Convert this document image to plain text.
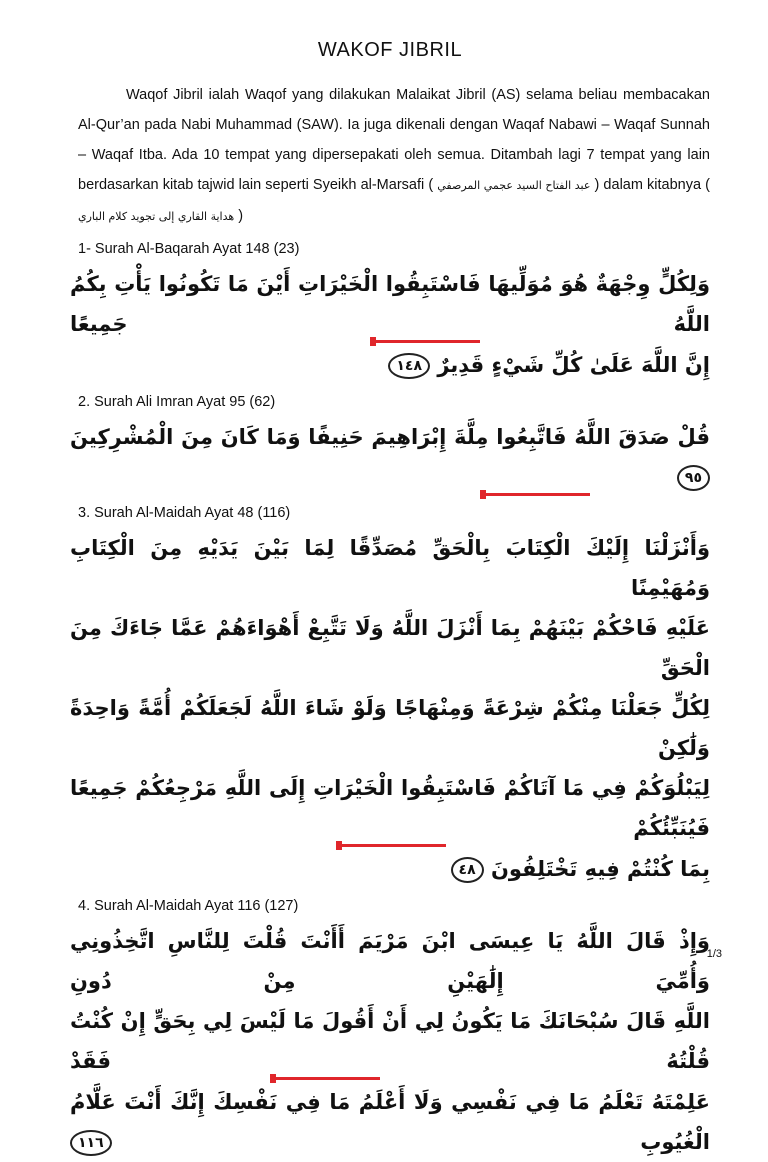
WAKOF JIBRIL
Waqof Jibril ialah Waqof yang dilakukan Malaikat Jibril (AS) selama beliau membacakan Al-Qur’an pada Nabi Muhammad (SAW). Ia juga dikenali dengan Waqaf Nabawi – Waqaf Sunnah – Waqaf Itba. Ada 10 tempat yang dipersepakati oleh semua. Ditambah lagi 7 tempat yang lain berdasarkan kitab tajwid lain seperti Syeikh al-Marsafi ( عبد الفتاح السيد عجمي المرصفي ) dalam kitabnya ( هداية القاري إلى تجويد كلام الباري )
1- Surah Al-Baqarah Ayat 148 (23)
وَلِكُلٍّ وِجْهَةٌ هُوَ مُوَلِّيهَا فَاسْتَبِقُوا الْخَيْرَاتِ أَيْنَ مَا تَكُونُوا يَأْتِ بِكُمُ اللَّهُ جَمِيعًا
إِنَّ اللَّهَ عَلَىٰ كُلِّ شَيْءٍ قَدِيرٌ ١٤٨
2. Surah Ali Imran Ayat 95 (62)
قُلْ صَدَقَ اللَّهُ فَاتَّبِعُوا مِلَّةَ إِبْرَاهِيمَ حَنِيفًا وَمَا كَانَ مِنَ الْمُشْرِكِينَ ٩٥
3. Surah Al-Maidah Ayat 48 (116)
وَأَنْزَلْنَا إِلَيْكَ الْكِتَابَ بِالْحَقِّ مُصَدِّقًا لِمَا بَيْنَ يَدَيْهِ مِنَ الْكِتَابِ وَمُهَيْمِنًا
عَلَيْهِ فَاحْكُمْ بَيْنَهُمْ بِمَا أَنْزَلَ اللَّهُ وَلَا تَتَّبِعْ أَهْوَاءَهُمْ عَمَّا جَاءَكَ مِنَ الْحَقِّ
لِكُلٍّ جَعَلْنَا مِنْكُمْ شِرْعَةً وَمِنْهَاجًا وَلَوْ شَاءَ اللَّهُ لَجَعَلَكُمْ أُمَّةً وَاحِدَةً وَلَٰكِنْ
لِيَبْلُوَكُمْ فِي مَا آتَاكُمْ فَاسْتَبِقُوا الْخَيْرَاتِ إِلَى اللَّهِ مَرْجِعُكُمْ جَمِيعًا فَيُنَبِّئُكُمْ
بِمَا كُنْتُمْ فِيهِ تَخْتَلِفُونَ ٤٨
4. Surah Al-Maidah Ayat 116 (127)
وَإِذْ قَالَ اللَّهُ يَا عِيسَى ابْنَ مَرْيَمَ أَأَنْتَ قُلْتَ لِلنَّاسِ اتَّخِذُونِي وَأُمِّيَ إِلَٰهَيْنِ مِنْ دُونِ
اللَّهِ قَالَ سُبْحَانَكَ مَا يَكُونُ لِي أَنْ أَقُولَ مَا لَيْسَ لِي بِحَقٍّ إِنْ كُنْتُ قُلْتُهُ فَقَدْ
عَلِمْتَهُ تَعْلَمُ مَا فِي نَفْسِي وَلَا أَعْلَمُ مَا فِي نَفْسِكَ إِنَّكَ أَنْتَ عَلَّامُ الْغُيُوبِ ١١٦
1/3
